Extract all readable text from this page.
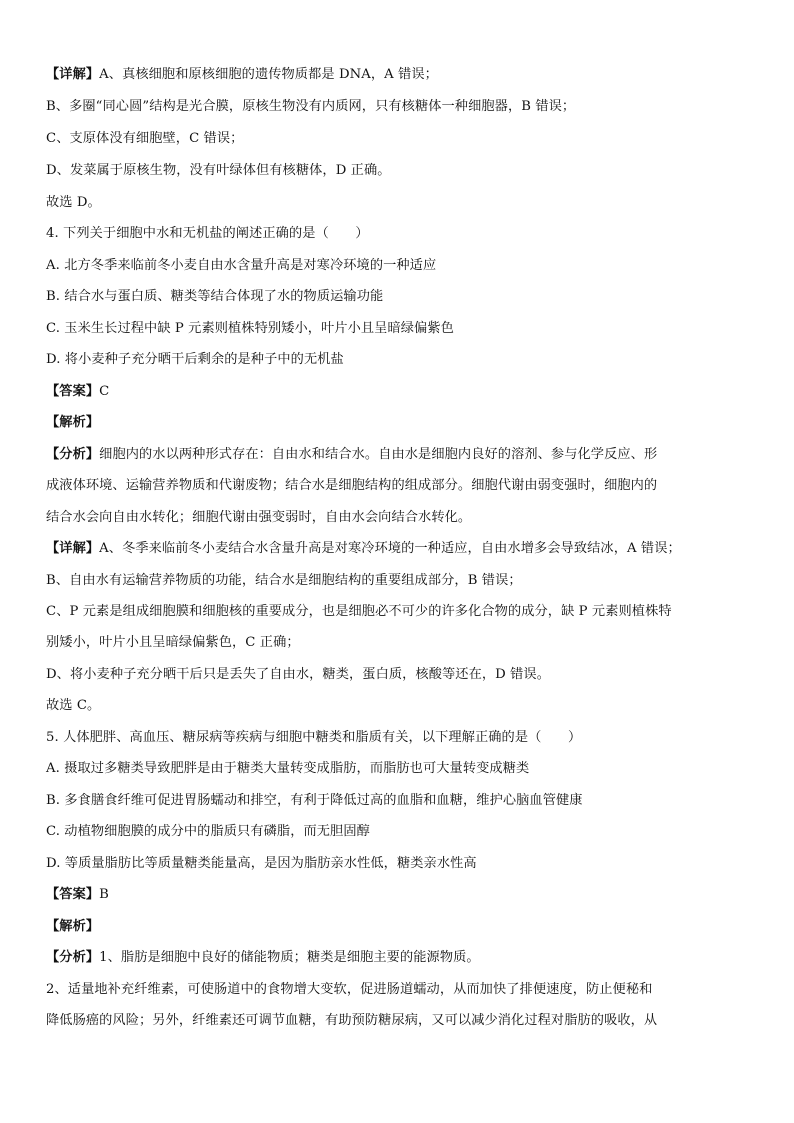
【详解】A、真核细胞和原核细胞的遗传物质都是 DNA，A 错误；
B、多圈“同心圆”结构是光合膜，原核生物没有内质网，只有核糖体一种细胞器，B 错误；
C、支原体没有细胞壁，C 错误；
D、发菜属于原核生物，没有叶绿体但有核糖体，D 正确。
故选 D。
4. 下列关于细胞中水和无机盐的阐述正确的是（　　）
A. 北方冬季来临前冬小麦自由水含量升高是对寒冷环境的一种适应
B. 结合水与蛋白质、糖类等结合体现了水的物质运输功能
C. 玉米生长过程中缺 P 元素则植株特别矮小，叶片小且呈暗绿偏紫色
D. 将小麦种子充分晒干后剩余的是种子中的无机盐
【答案】C
【解析】
【分析】细胞内的水以两种形式存在：自由水和结合水。自由水是细胞内良好的溶剂、参与化学反应、形
成液体环境、运输营养物质和代谢废物；结合水是细胞结构的组成部分。细胞代谢由弱变强时，细胞内的
结合水会向自由水转化；细胞代谢由强变弱时，自由水会向结合水转化。
【详解】A、冬季来临前冬小麦结合水含量升高是对寒冷环境的一种适应，自由水增多会导致结冰，A 错误；
B、自由水有运输营养物质的功能，结合水是细胞结构的重要组成部分，B 错误；
C、P 元素是组成细胞膜和细胞核的重要成分，也是细胞必不可少的许多化合物的成分，缺 P 元素则植株特
别矮小，叶片小且呈暗绿偏紫色，C 正确；
D、将小麦种子充分晒干后只是丢失了自由水，糖类，蛋白质，核酸等还在，D 错误。
故选 C。
5. 人体肥胖、高血压、糖尿病等疾病与细胞中糖类和脂质有关，以下理解正确的是（　　）
A. 摄取过多糖类导致肥胖是由于糖类大量转变成脂肪，而脂肪也可大量转变成糖类
B. 多食膳食纤维可促进胃肠蠕动和排空，有利于降低过高的血脂和血糖，维护心脑血管健康
C. 动植物细胞膜的成分中的脂质只有磷脂，而无胆固醇
D. 等质量脂肪比等质量糖类能量高，是因为脂肪亲水性低，糖类亲水性高
【答案】B
【解析】
【分析】1、脂肪是细胞中良好的储能物质；糖类是细胞主要的能源物质。
2、适量地补充纤维素，可使肠道中的食物增大变软，促进肠道蠕动，从而加快了排便速度，防止便秘和
降低肠癌的风险；另外，纤维素还可调节血糖，有助预防糖尿病，又可以减少消化过程对脂肪的吸收，从
